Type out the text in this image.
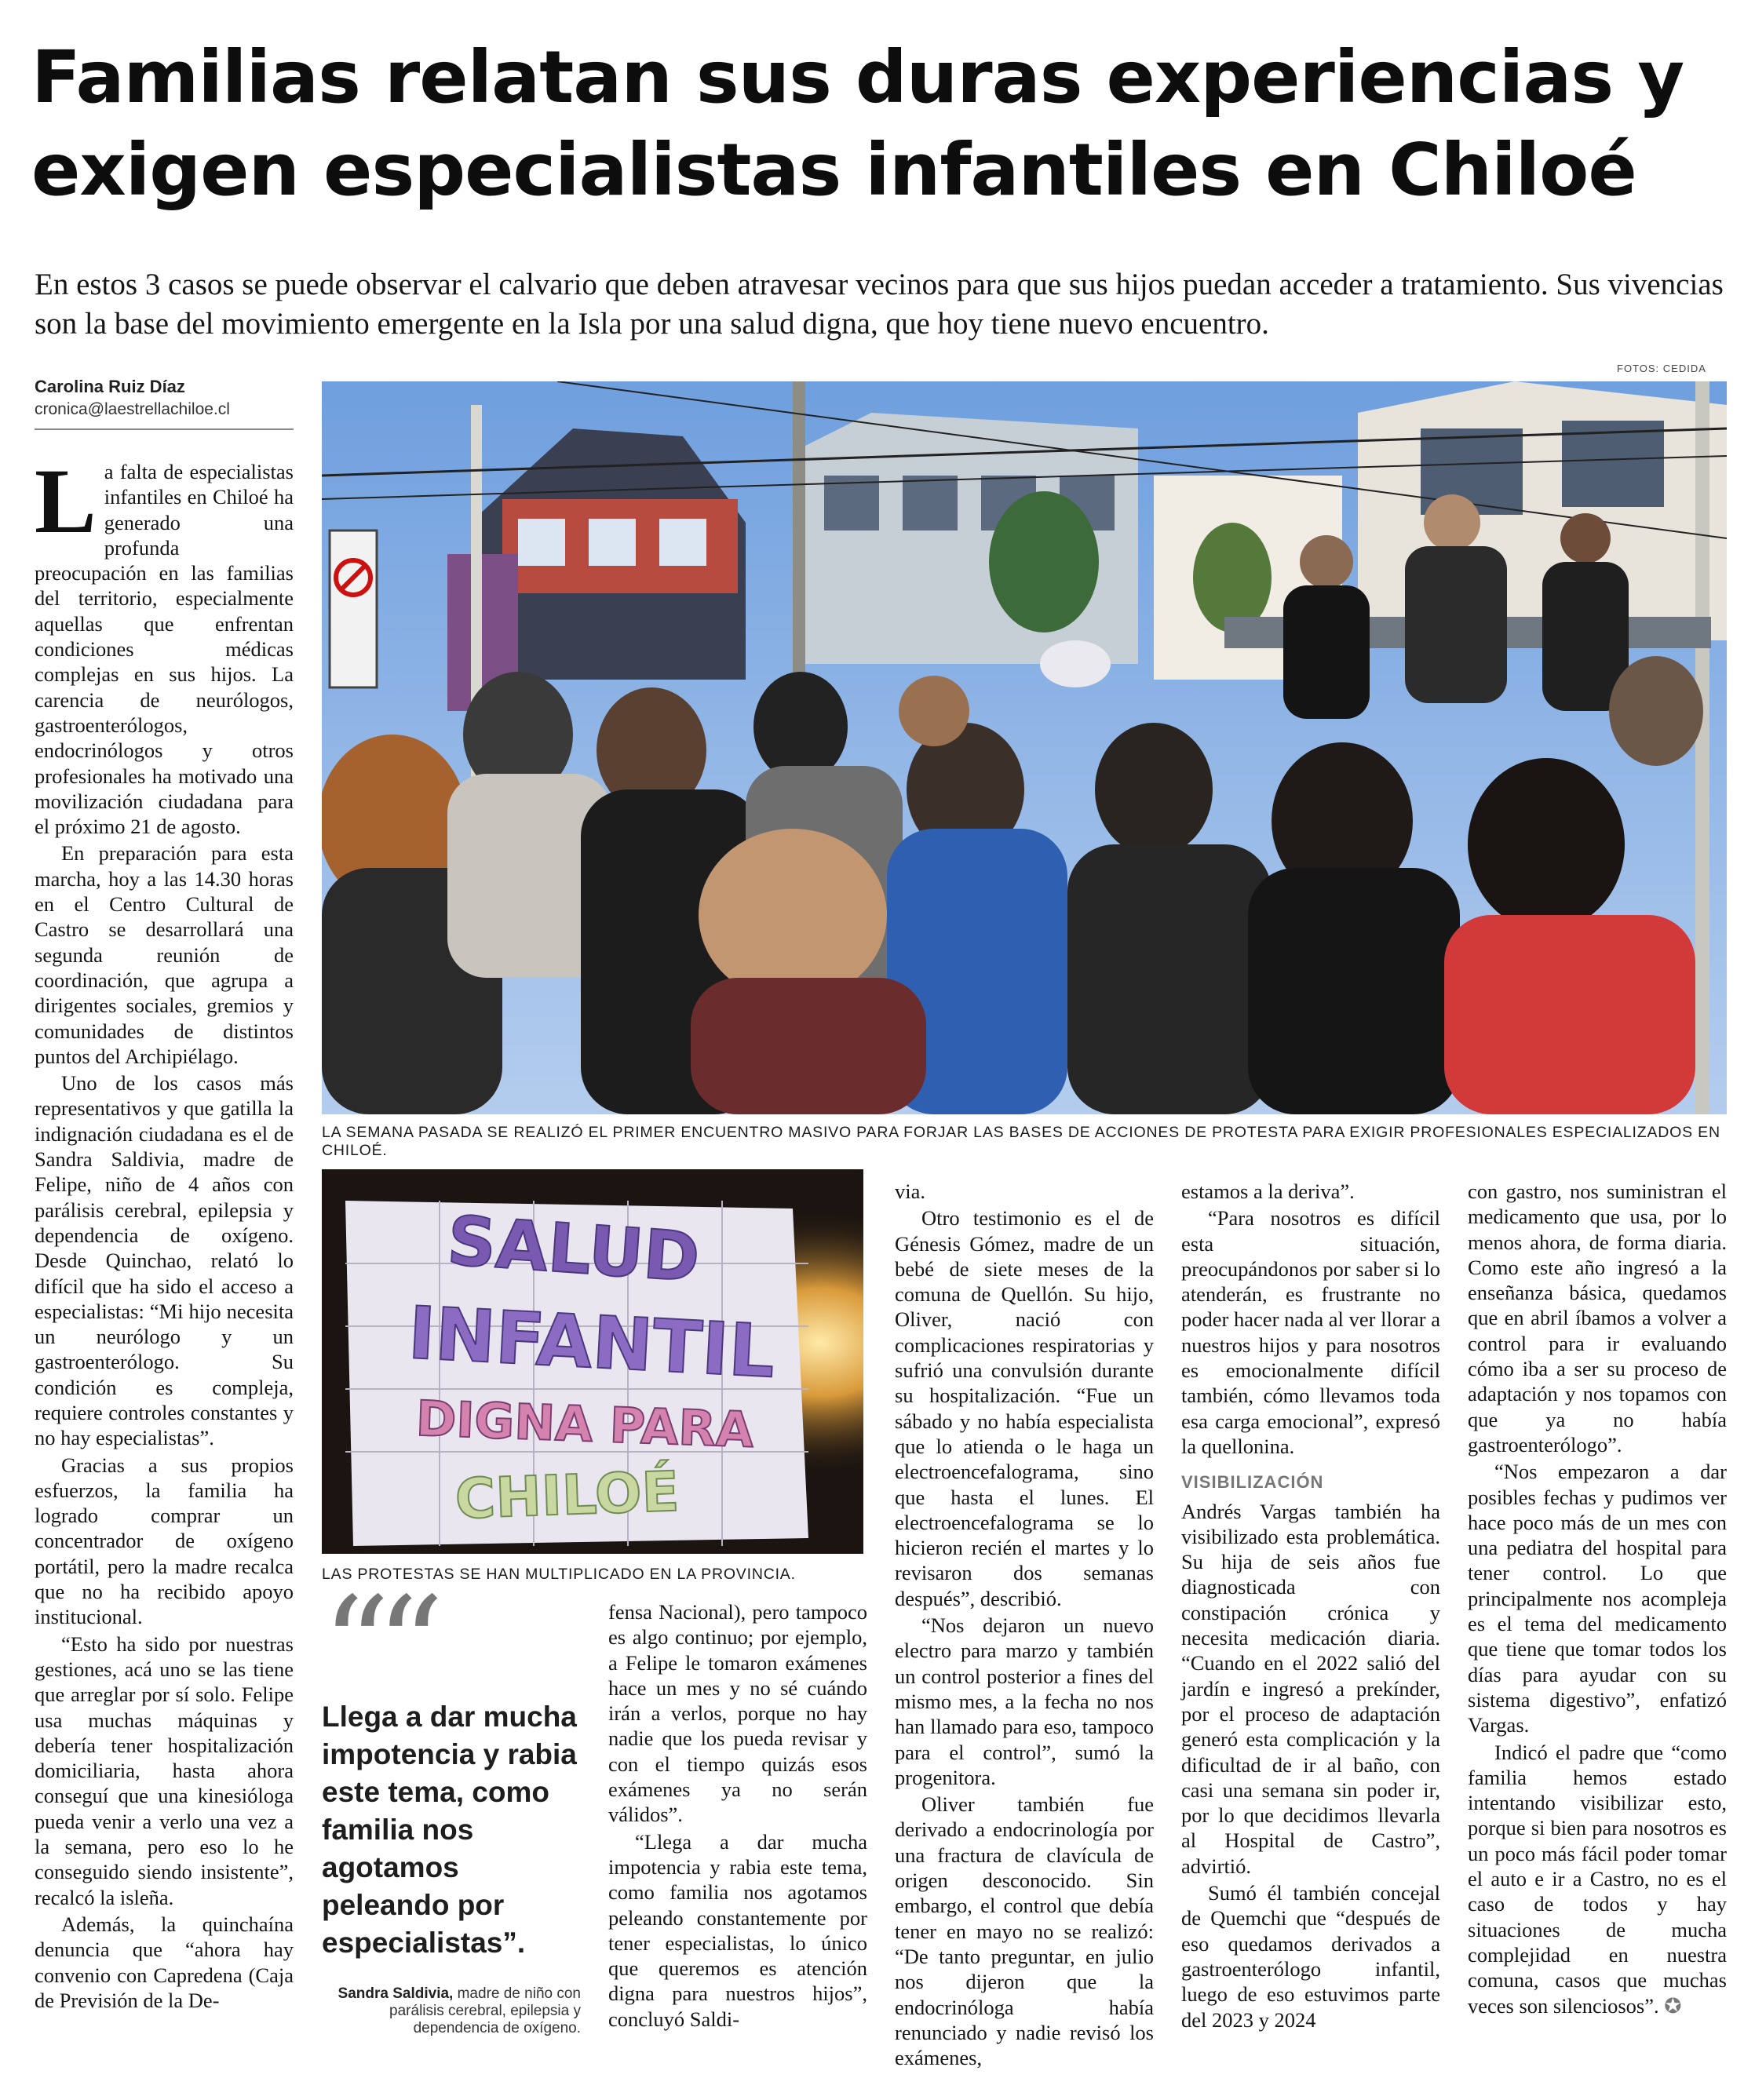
Familias relatan sus duras experiencias y exigen especialistas infantiles en Chiloé

En estos 3 casos se puede observar el calvario que deben atravesar vecinos para que sus hijos puedan acceder a tratamiento. Sus vivencias son la base del movimiento emergente en la Isla por una salud digna, que hoy tiene nuevo encuentro.

Carolina Ruiz Díaz
cronica@laestrellachiloe.cl
FOTOS: CEDIDA
LA SEMANA PASADA SE REALIZÓ EL PRIMER ENCUENTRO MASIVO PARA FORJAR LAS BASES DE ACCIONES DE PROTESTA PARA EXIGIR PROFESIONALES ESPECIALIZADOS EN CHILOÉ.
SALUD
INFANTIL
DIGNA PARA
CHILOÉ
LAS PROTESTAS SE HAN MULTIPLICADO EN LA PROVINCIA.
““

Llega a dar mucha impotencia y rabia este tema, como familia nos agotamos peleando por especialistas”.

Sandra Saldivia, madre de niño con parálisis cerebral, epilepsia y dependencia de oxígeno.

La falta de especialistas infantiles en Chiloé ha generado una profunda preocupación en las familias del territorio, especialmente aquellas que enfrentan condiciones médicas complejas en sus hijos. La carencia de neurólogos, gastroenterólogos, endocrinólogos y otros profesionales ha motivado una movilización ciudadana para el próximo 21 de agosto.

En preparación para esta marcha, hoy a las 14.30 horas en el Centro Cultural de Castro se desarrollará una segunda reunión de coordinación, que agrupa a dirigentes sociales, gremios y comunidades de distintos puntos del Archipiélago.

Uno de los casos más representativos y que gatilla la indignación ciudadana es el de Sandra Saldivia, madre de Felipe, niño de 4 años con parálisis cerebral, epilepsia y dependencia de oxígeno. Desde Quinchao, relató lo difícil que ha sido el acceso a especialistas: “Mi hijo necesita un neurólogo y un gastroenterólogo. Su condición es compleja, requiere controles constantes y no hay especialistas”.

Gracias a sus propios esfuerzos, la familia ha logrado comprar un concentrador de oxígeno portátil, pero la madre recalca que no ha recibido apoyo institucional.

“Esto ha sido por nuestras gestiones, acá uno se las tiene que arreglar por sí solo. Felipe usa muchas máquinas y debería tener hospitalización domiciliaria, hasta ahora conseguí que una kinesióloga pueda venir a verlo una vez a la semana, pero eso lo he conseguido siendo insistente”, recalcó la isleña.

Además, la quinchaína denuncia que “ahora hay convenio con Capredena (Caja de Previsión de la De-

fensa Nacional), pero tampoco es algo continuo; por ejemplo, a Felipe le tomaron exámenes hace un mes y no sé cuándo irán a verlos, porque no hay nadie que los pueda revisar y con el tiempo quizás esos exámenes ya no serán válidos”.

“Llega a dar mucha impotencia y rabia este tema, como familia nos agotamos peleando constantemente por tener especialistas, lo único que queremos es atención digna para nuestros hijos”, concluyó Saldi-

via.

Otro testimonio es el de Génesis Gómez, madre de un bebé de siete meses de la comuna de Quellón. Su hijo, Oliver, nació con complicaciones respiratorias y sufrió una convulsión durante su hospitalización. “Fue un sábado y no había especialista que lo atienda o le haga un electroencefalograma, sino que hasta el lunes. El electroencefalograma se lo hicieron recién el martes y lo revisaron dos semanas después”, describió.

“Nos dejaron un nuevo electro para marzo y también un control posterior a fines del mismo mes, a la fecha no nos han llamado para eso, tampoco para el control”, sumó la progenitora.

Oliver también fue derivado a endocrinología por una fractura de clavícula de origen desconocido. Sin embargo, el control que debía tener en mayo no se realizó: “De tanto preguntar, en julio nos dijeron que la endocrinóloga había renunciado y nadie revisó los exámenes,

estamos a la deriva”.

“Para nosotros es difícil esta situación, preocupándonos por saber si lo atenderán, es frustrante no poder hacer nada al ver llorar a nuestros hijos y para nosotros es emocionalmente difícil también, cómo llevamos toda esa carga emocional”, expresó la quellonina.

VISIBILIZACIÓN

Andrés Vargas también ha visibilizado esta problemática. Su hija de seis años fue diagnosticada con constipación crónica y necesita medicación diaria. “Cuando en el 2022 salió del jardín e ingresó a prekínder, por el proceso de adaptación generó esta complicación y la dificultad de ir al baño, con casi una semana sin poder ir, por lo que decidimos llevarla al Hospital de Castro”, advirtió.

Sumó él también concejal de Quemchi que “después de eso quedamos derivados a gastroenterólogo infantil, luego de eso estuvimos parte del 2023 y 2024

con gastro, nos suministran el medicamento que usa, por lo menos ahora, de forma diaria. Como este año ingresó a la enseñanza básica, quedamos que en abril íbamos a volver a control para ir evaluando cómo iba a ser su proceso de adaptación y nos topamos con que ya no había gastroenterólogo”.

“Nos empezaron a dar posibles fechas y pudimos ver hace poco más de un mes con una pediatra del hospital para tener control. Lo que principalmente nos acompleja es el tema del medicamento que tiene que tomar todos los días para ayudar con su sistema digestivo”, enfatizó Vargas.

Indicó el padre que “como familia hemos estado intentando visibilizar esto, porque si bien para nosotros es un poco más fácil poder tomar el auto e ir a Castro, no es el caso de todos y hay situaciones de mucha complejidad en nuestra comuna, casos que muchas veces son silenciosos”. ✪
